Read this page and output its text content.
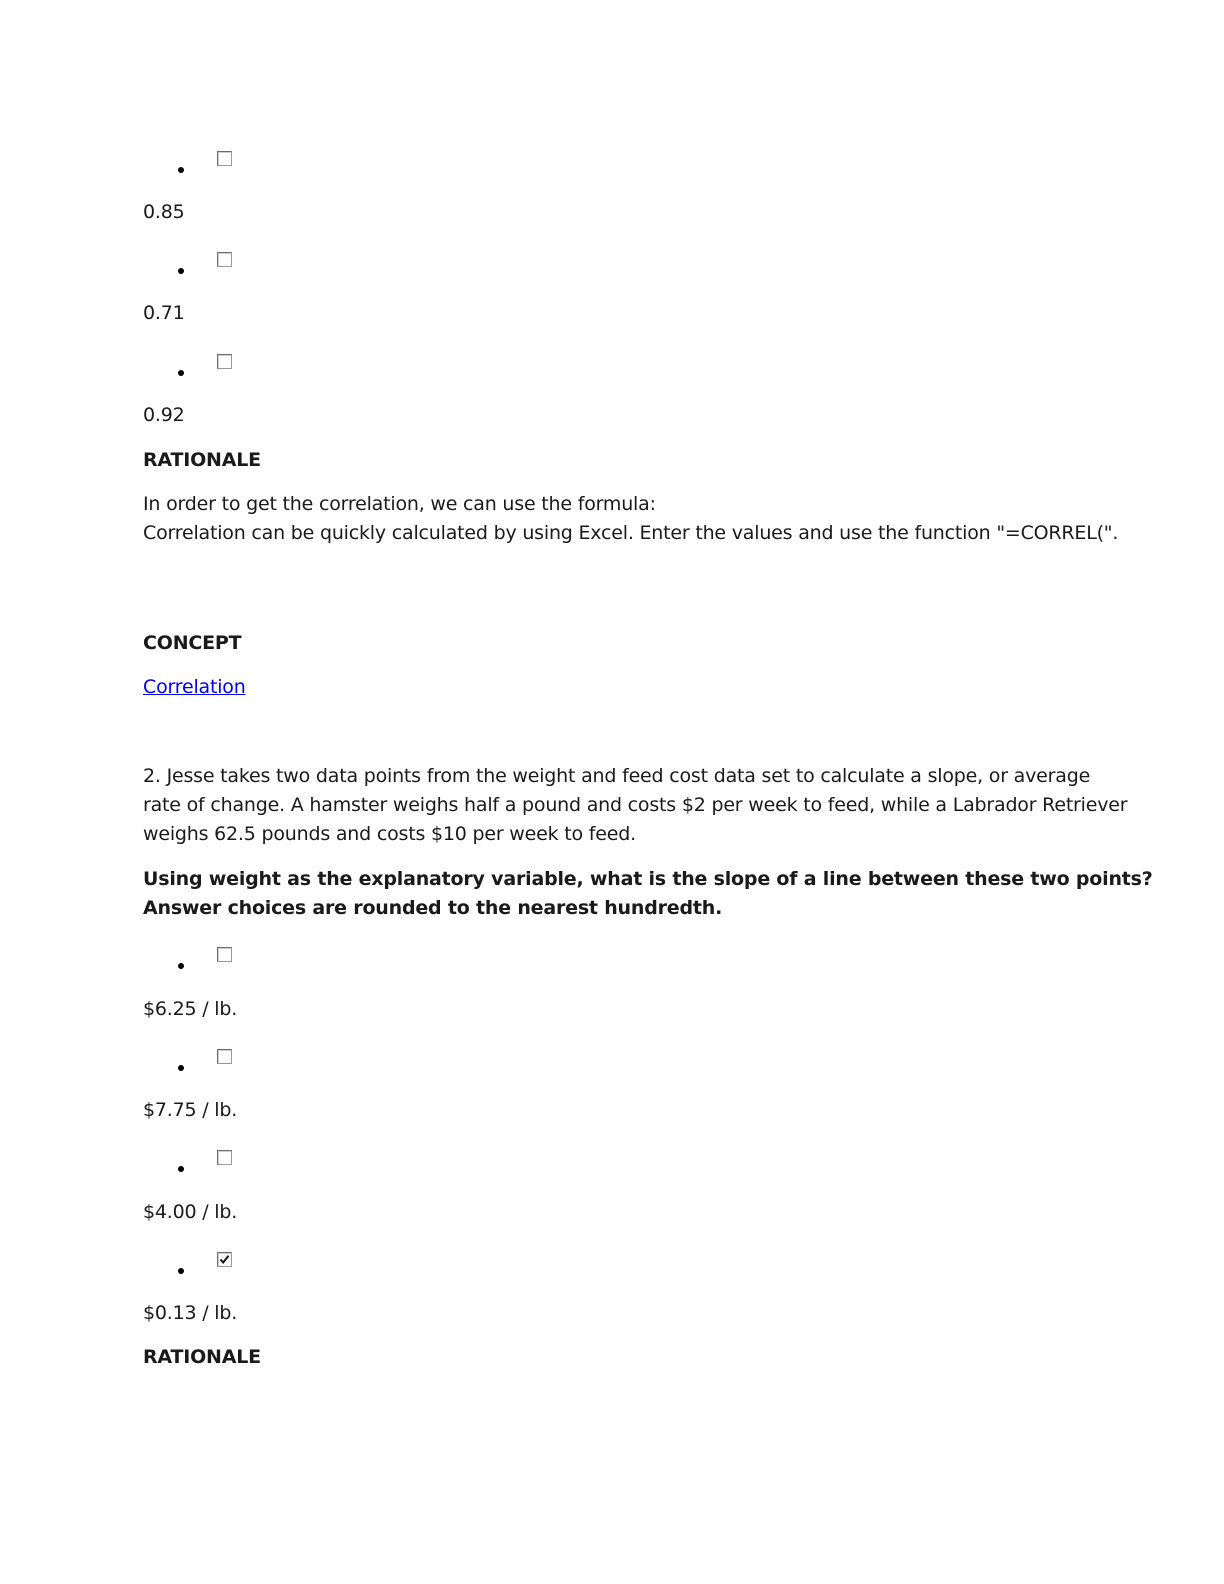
0.85
0.71
0.92
RATIONALE
In order to get the correlation, we can use the formula:
Correlation can be quickly calculated by using Excel. Enter the values and use the function "=CORREL(".
CONCEPT
Correlation
2. Jesse takes two data points from the weight and feed cost data set to calculate a slope, or average
rate of change. A hamster weighs half a pound and costs $2 per week to feed, while a Labrador Retriever
weighs 62.5 pounds and costs $10 per week to feed.
Using weight as the explanatory variable, what is the slope of a line between these two points?
Answer choices are rounded to the nearest hundredth.
$6.25 / lb.
$7.75 / lb.
$4.00 / lb.
$0.13 / lb.
RATIONALE
